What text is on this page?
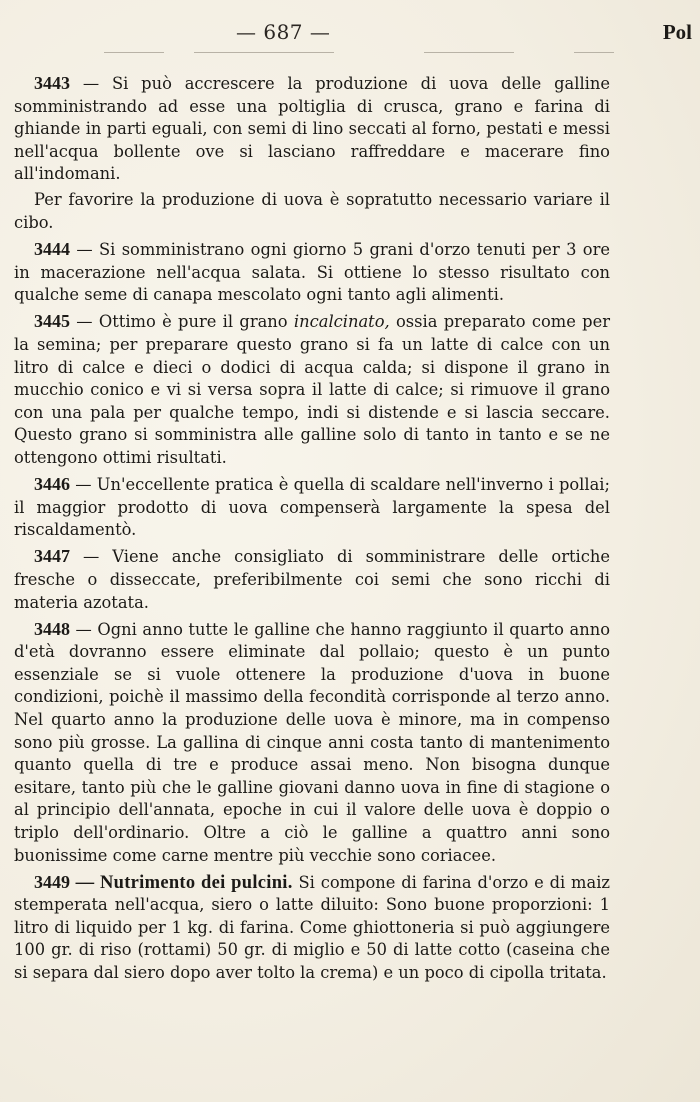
— 687 —	Pol

3443 — Si può accrescere la produzione di uova delle galline somministrando ad esse una poltiglia di crusca, grano e farina di ghiande in parti eguali, con semi di lino seccati al forno, pestati e messi nell'acqua bollente ove si lasciano raffreddare e macerare fino all'indomani.

Per favorire la produzione di uova è sopratutto necessario variare il cibo.

3444 — Si somministrano ogni giorno 5 grani d'orzo tenuti per 3 ore in macerazione nell'acqua salata. Si ottiene lo stesso risultato con qualche seme di canapa mescolato ogni tanto agli alimenti.

3445 — Ottimo è pure il grano incalcinato, ossia preparato come per la semina; per preparare questo grano si fa un latte di calce con un litro di calce e dieci o dodici di acqua calda; si dispone il grano in mucchio conico e vi si versa sopra il latte di calce; si rimuove il grano con una pala per qualche tempo, indi si distende e si lascia seccare. Questo grano si somministra alle galline solo di tanto in tanto e se ne ottengono ottimi risultati.

3446 — Un'eccellente pratica è quella di scaldare nell'inverno i pollai; il maggior prodotto di uova compenserà largamente la spesa del riscaldamentò.

3447 — Viene anche consigliato di somministrare delle ortiche fresche o disseccate, preferibilmente coi semi che sono ricchi di materia azotata.

3448 — Ogni anno tutte le galline che hanno raggiunto il quarto anno d'età dovranno essere eliminate dal pollaio; questo è un punto essenziale se si vuole ottenere la produzione d'uova in buone condizioni, poichè il massimo della fecondità corrisponde al terzo anno. Nel quarto anno la produzione delle uova è minore, ma in compenso sono più grosse. La gallina di cinque anni costa tanto di mantenimento quanto quella di tre e produce assai meno. Non bisogna dunque esitare, tanto più che le galline giovani danno uova in fine di stagione o al principio dell'annata, epoche in cui il valore delle uova è doppio o triplo dell'ordinario. Oltre a ciò le galline a quattro anni sono buonissime come carne mentre più vecchie sono coriacee.

3449 — Nutrimento dei pulcini. Si compone di farina d'orzo e di maiz stemperata nell'acqua, siero o latte diluito: Sono buone proporzioni: 1 litro di liquido per 1 kg. di farina. Come ghiottoneria si può aggiungere 100 gr. di riso (rottami) 50 gr. di miglio e 50 di latte cotto (caseina che si separa dal siero dopo aver tolto la crema) e un poco di cipolla tritata.
